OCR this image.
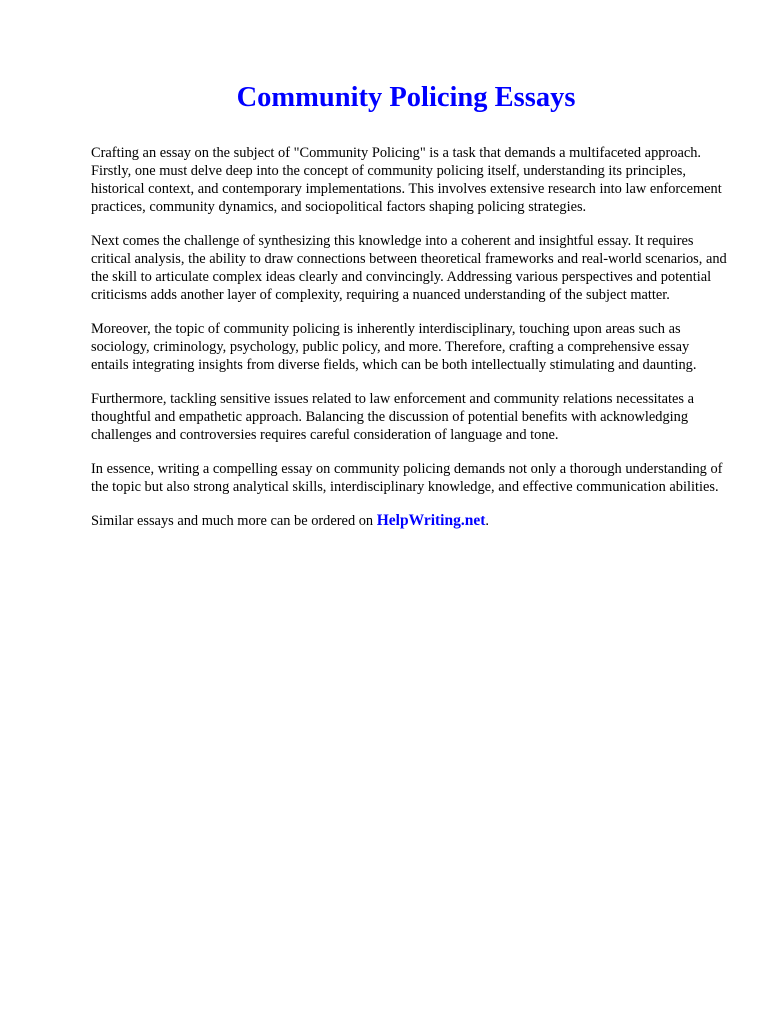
Community Policing Essays

Crafting an essay on the subject of "Community Policing" is a task that demands a multifaceted approach. Firstly, one must delve deep into the concept of community policing itself, understanding its principles, historical context, and contemporary implementations. This involves extensive research into law enforcement practices, community dynamics, and sociopolitical factors shaping policing strategies.

Next comes the challenge of synthesizing this knowledge into a coherent and insightful essay. It requires critical analysis, the ability to draw connections between theoretical frameworks and real-world scenarios, and the skill to articulate complex ideas clearly and convincingly. Addressing various perspectives and potential criticisms adds another layer of complexity, requiring a nuanced understanding of the subject matter.

Moreover, the topic of community policing is inherently interdisciplinary, touching upon areas such as sociology, criminology, psychology, public policy, and more. Therefore, crafting a comprehensive essay entails integrating insights from diverse fields, which can be both intellectually stimulating and daunting.

Furthermore, tackling sensitive issues related to law enforcement and community relations necessitates a thoughtful and empathetic approach. Balancing the discussion of potential benefits with acknowledging challenges and controversies requires careful consideration of language and tone.

In essence, writing a compelling essay on community policing demands not only a thorough understanding of the topic but also strong analytical skills, interdisciplinary knowledge, and effective communication abilities.

Similar essays and much more can be ordered on HelpWriting.net.
